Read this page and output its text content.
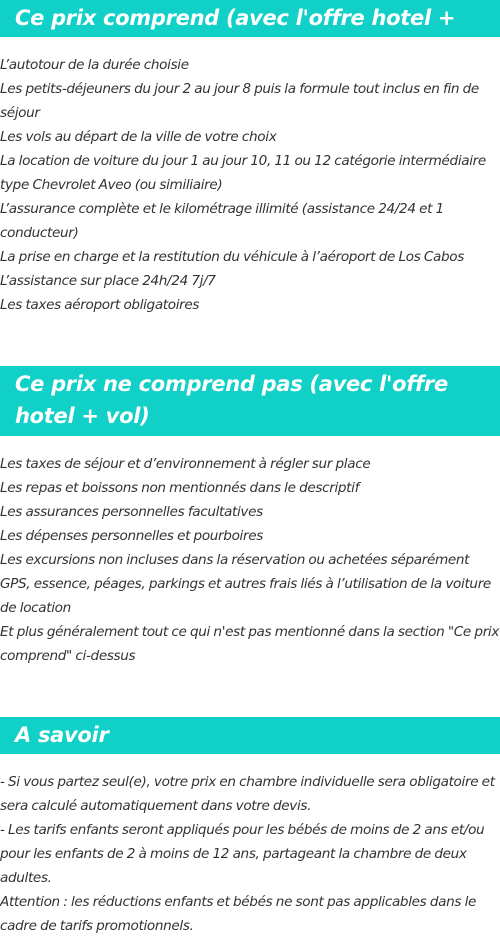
Ce prix comprend (avec l'offre hotel + vol)
L’autotour de la durée choisie
Les petits-déjeuners du jour 2 au jour 8 puis la formule tout inclus en fin de séjour
Les vols au départ de la ville de votre choix
La location de voiture du jour 1 au jour 10, 11 ou 12 catégorie intermédiaire type Chevrolet Aveo (ou similiaire)
L’assurance complète et le kilométrage illimité (assistance 24/24 et 1 conducteur)
La prise en charge et la restitution du véhicule à l’aéroport de Los Cabos
L’assistance sur place 24h/24 7j/7
Les taxes aéroport obligatoires
Ce prix ne comprend pas (avec l'offre hotel + vol)
Les taxes de séjour et d’environnement à régler sur place
Les repas et boissons non mentionnés dans le descriptif
Les assurances personnelles facultatives
Les dépenses personnelles et pourboires
Les excursions non incluses dans la réservation ou achetées séparément
GPS, essence, péages, parkings et autres frais liés à l’utilisation de la voiture de location
Et plus généralement tout ce qui n'est pas mentionné dans la section "Ce prix comprend" ci-dessus
A savoir
- Si vous partez seul(e), votre prix en chambre individuelle sera obligatoire et sera calculé automatiquement dans votre devis.
- Les tarifs enfants seront appliqués pour les bébés de moins de 2 ans et/ou pour les enfants de 2 à moins de 12 ans, partageant la chambre de deux adultes.
Attention : les réductions enfants et bébés ne sont pas applicables dans le cadre de tarifs promotionnels.
